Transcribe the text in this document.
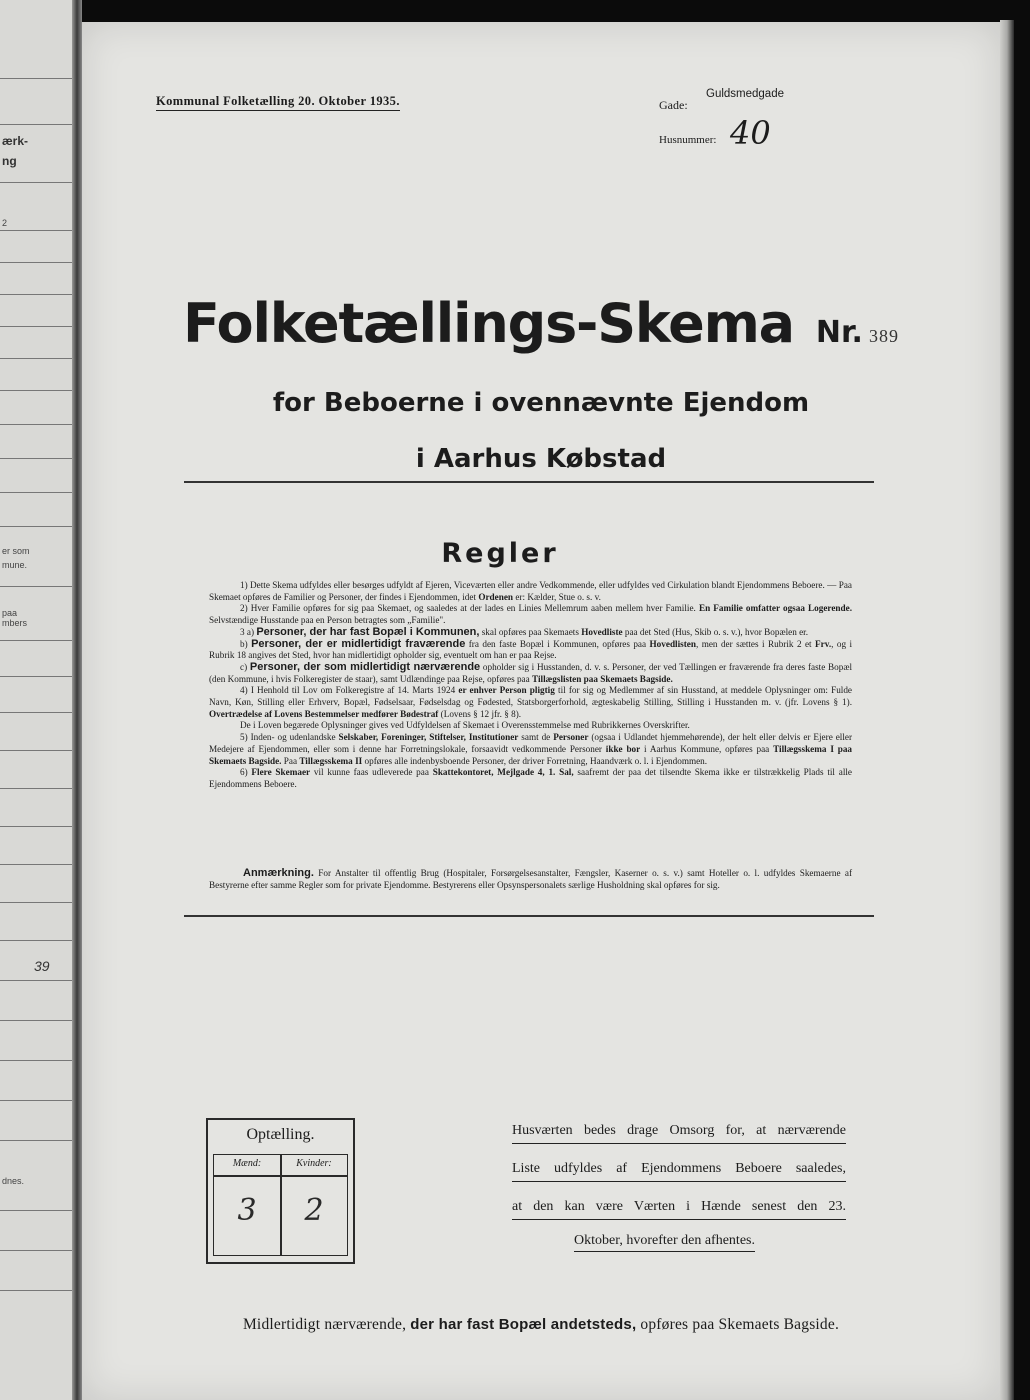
ærk-
ng
2
er som
mune.
paa
mbers
39
dnes.
Kommunal Folketælling 20. Oktober 1935.	Gade:
Guldsmedgade
Husnummer: 40
Folketællings-Skema Nr. 389
for Beboerne i ovennævnte Ejendom
i Aarhus Købstad
Regler

1) Dette Skema udfyldes eller besørges udfyldt af Ejeren, Viceværten eller andre Vedkommende, eller udfyldes ved Cirkulation blandt Ejendommens Beboere. — Paa Skemaet opføres de Familier og Personer, der findes i Ejendommen, idet Ordenen er: Kælder, Stue o. s. v.

2) Hver Familie opføres for sig paa Skemaet, og saaledes at der lades en Linies Mellemrum aaben mellem hver Familie. En Familie omfatter ogsaa Logerende. Selvstændige Husstande paa en Person betragtes som „Familie".

3 a) Personer, der har fast Bopæl i Kommunen, skal opføres paa Skemaets Hovedliste paa det Sted (Hus, Skib o. s. v.), hvor Bopælen er.

b) Personer, der er midlertidigt fraværende fra den faste Bopæl i Kommunen, opføres paa Hovedlisten, men der sættes i Rubrik 2 et Frv., og i Rubrik 18 angives det Sted, hvor han midlertidigt opholder sig, eventuelt om han er paa Rejse.

c) Personer, der som midlertidigt nærværende opholder sig i Husstanden, d. v. s. Personer, der ved Tællingen er fraværende fra deres faste Bopæl (den Kommune, i hvis Folkeregister de staar), samt Udlændinge paa Rejse, opføres paa Tillægslisten paa Skemaets Bagside.

4) I Henhold til Lov om Folkeregistre af 14. Marts 1924 er enhver Person pligtig til for sig og Medlemmer af sin Husstand, at meddele Oplysninger om: Fulde Navn, Køn, Stilling eller Erhverv, Bopæl, Fødselsaar, Fødselsdag og Fødested, Statsborgerforhold, ægteskabelig Stilling, Stilling i Husstanden m. v. (jfr. Lovens § 1). Overtrædelse af Lovens Bestemmelser medfører Bødestraf (Lovens § 12 jfr. § 8).

De i Loven begærede Oplysninger gives ved Udfyldelsen af Skemaet i Overensstemmelse med Rubrikkernes Overskrifter.

5) Inden- og udenlandske Selskaber, Foreninger, Stiftelser, Institutioner samt de Personer (ogsaa i Udlandet hjemmehørende), der helt eller delvis er Ejere eller Medejere af Ejendommen, eller som i denne har Forretningslokale, forsaavidt vedkommende Personer ikke bor i Aarhus Kommune, opføres paa Tillægsskema I paa Skemaets Bagside. Paa Tillægsskema II opføres alle indenbysboende Personer, der driver Forretning, Haandværk o. l. i Ejendommen.

6) Flere Skemaer vil kunne faas udleverede paa Skattekontoret, Mejlgade 4, 1. Sal, saafremt der paa det tilsendte Skema ikke er tilstrækkelig Plads til alle Ejendommens Beboere.

Anmærkning. For Anstalter til offentlig Brug (Hospitaler, Forsørgelsesanstalter, Fængsler, Kaserner o. s. v.) samt Hoteller o. l. udfyldes Skemaerne af Bestyrerne efter samme Regler som for private Ejendomme. Bestyrerens eller Opsynspersonalets særlige Husholdning skal opføres for sig.

Optælling.
Mænd:	Kvinder:
3	2
Husværten bedes drage Omsorg for, at nærværende
Liste udfyldes af Ejendommens Beboere saaledes,
at den kan være Værten i Hænde senest den 23.
Oktober, hvorefter den afhentes.
Midlertidigt nærværende, der har fast Bopæl andetsteds, opføres paa Skemaets Bagside.
